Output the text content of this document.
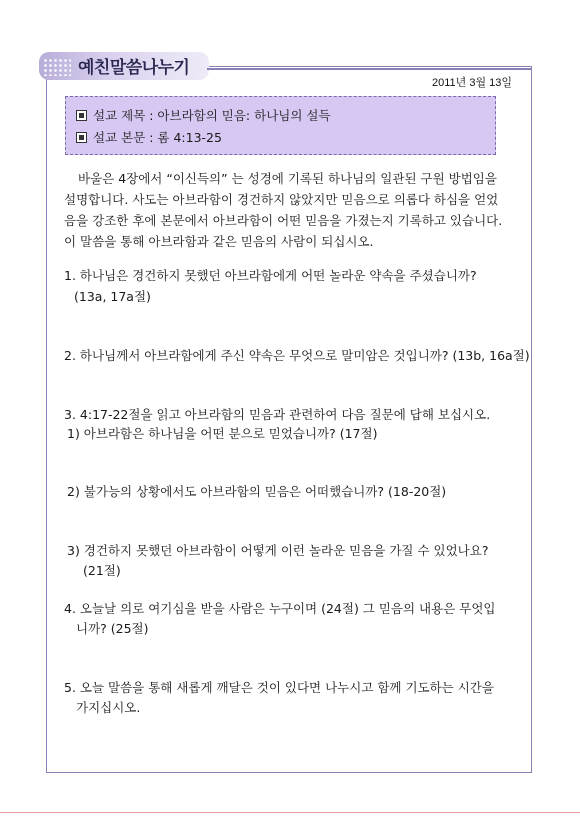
예친말씀나누기
2011년 3월 13일
설교 제목 : 아브라함의 믿음: 하나님의 설득
설교 본문 : 롬 4:13-25

바울은 4장에서 “이신득의” 는 성경에 기록된 하나님의 일관된 구원 방법임을

설명합니다. 사도는 아브라함이 경건하지 않았지만 믿음으로 의롭다 하심을 얻었

음을 강조한 후에 본문에서 아브라함이 어떤 믿음을 가졌는지 기록하고 있습니다.

이 말씀을 통해 아브라함과 같은 믿음의 사람이 되십시오.

1. 하나님은 경건하지 못했던 아브라함에게 어떤 놀라운 약속을 주셨습니까?
(13a, 17a절)
2. 하나님께서 아브라함에게 주신 약속은 무엇으로 말미암은 것입니까? (13b, 16a절)
3. 4:17-22절을 읽고 아브라함의 믿음과 관련하여 다음 질문에 답해 보십시오.
1) 아브라함은 하나님을 어떤 분으로 믿었습니까? (17절)
2) 불가능의 상황에서도 아브라함의 믿음은 어떠했습니까? (18-20절)
3) 경건하지 못했던 아브라함이 어떻게 이런 놀라운 믿음을 가질 수 있었나요?
(21절)
4. 오늘날 의로 여기심을 받을 사람은 누구이며 (24절) 그 믿음의 내용은 무엇입
니까? (25절)
5. 오늘 말씀을 통해 새롭게 깨달은 것이 있다면 나누시고 함께 기도하는 시간을
가지십시오.
